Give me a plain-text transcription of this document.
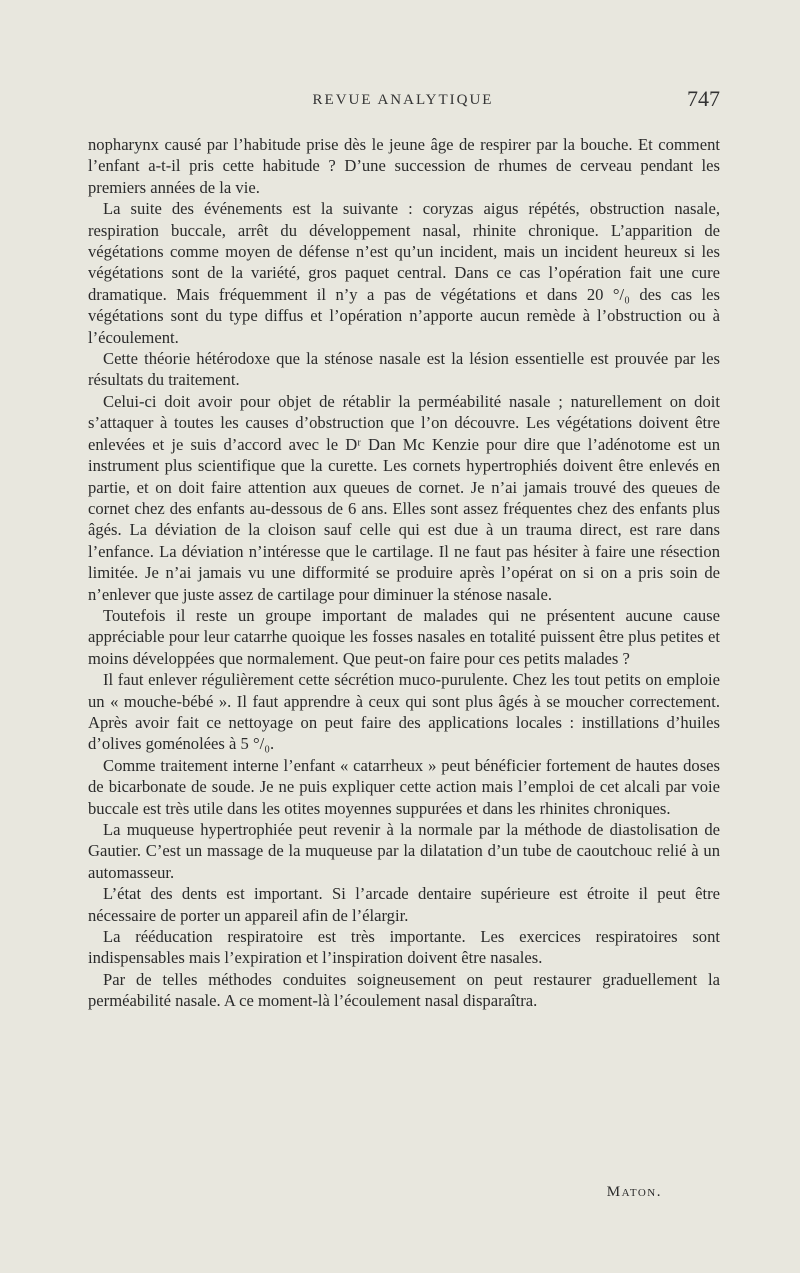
REVUE ANALYTIQUE	747

nopharynx causé par l’habitude prise dès le jeune âge de respirer par la bouche. Et comment l’enfant a-t-il pris cette habitude ? D’une succession de rhumes de cerveau pendant les premiers années de la vie.

La suite des événements est la suivante : coryzas aigus répétés, obstruction nasale, respiration buccale, arrêt du développement nasal, rhinite chronique. L’apparition de végétations comme moyen de défense n’est qu’un incident, mais un incident heureux si les végétations sont de la variété, gros paquet central. Dans ce cas l’opération fait une cure dramatique. Mais fréquemment il n’y a pas de végétations et dans 20 °/₀ des cas les végétations sont du type diffus et l’opération n’apporte aucun remède à l’obstruction ou à l’écoulement.

Cette théorie hétérodoxe que la sténose nasale est la lésion essentielle est prouvée par les résultats du traitement.

Celui-ci doit avoir pour objet de rétablir la perméabilité nasale ; naturellement on doit s’attaquer à toutes les causes d’obstruction que l’on découvre. Les végétations doivent être enlevées et je suis d’accord avec le Dʳ Dan Mc Kenzie pour dire que l’adénotome est un instrument plus scientifique que la curette. Les cornets hypertrophiés doivent être enlevés en partie, et on doit faire attention aux queues de cornet. Je n’ai jamais trouvé des queues de cornet chez des enfants au-dessous de 6 ans. Elles sont assez fréquentes chez des enfants plus âgés. La déviation de la cloison sauf celle qui est due à un trauma direct, est rare dans l’enfance. La déviation n’intéresse que le cartilage. Il ne faut pas hésiter à faire une résection limitée. Je n’ai jamais vu une difformité se produire après l’opérat on si on a pris soin de n’enlever que juste assez de cartilage pour diminuer la sténose nasale.

Toutefois il reste un groupe important de malades qui ne présentent aucune cause appréciable pour leur catarrhe quoique les fosses nasales en totalité puissent être plus petites et moins développées que normalement. Que peut-on faire pour ces petits malades ?

Il faut enlever régulièrement cette sécrétion muco-purulente. Chez les tout petits on emploie un « mouche-bébé ». Il faut apprendre à ceux qui sont plus âgés à se moucher correctement. Après avoir fait ce nettoyage on peut faire des applications locales : instillations d’huiles d’olives goménolées à 5 °/₀.

Comme traitement interne l’enfant « catarrheux » peut bénéficier fortement de hautes doses de bicarbonate de soude. Je ne puis expliquer cette action mais l’emploi de cet alcali par voie buccale est très utile dans les otites moyennes suppurées et dans les rhinites chroniques.

La muqueuse hypertrophiée peut revenir à la normale par la méthode de diastolisation de Gautier. C’est un massage de la muqueuse par la dilatation d’un tube de caoutchouc relié à un automasseur.

L’état des dents est important. Si l’arcade dentaire supérieure est étroite il peut être nécessaire de porter un appareil afin de l’élargir.

La rééducation respiratoire est très importante. Les exercices respiratoires sont indispensables mais l’expiration et l’inspiration doivent être nasales.

Par de telles méthodes conduites soigneusement on peut restaurer graduellement la perméabilité nasale. A ce moment-là l’écoulement nasal disparaîtra.

Maton.
